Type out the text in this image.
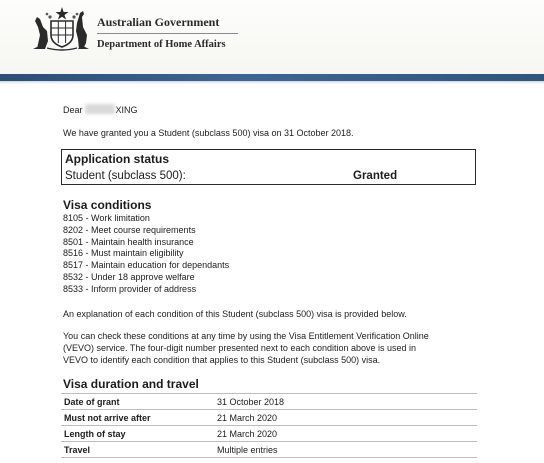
Australian Government
Department of Home Affairs
Dear	XING
We have granted you a Student (subclass 500) visa on 31 October 2018.
Application status
Student (subclass 500):	Granted
Visa conditions
8105 - Work limitation
8202 - Meet course requirements
8501 - Maintain health insurance
8516 - Must maintain eligibility
8517 - Maintain education for dependants
8532 - Under 18 approve welfare
8533 - Inform provider of address
An explanation of each condition of this Student (subclass 500) visa is provided below.
You can check these conditions at any time by using the Visa Entitlement Verification Online
(VEVO) service. The four-digit number presented next to each condition above is used in
VEVO to identify each condition that applies to this Student (subclass 500) visa.
Visa duration and travel
Date of grant	31 October 2018
Must not arrive after	21 March 2020
Length of stay	21 March 2020
Travel	Multiple entries
